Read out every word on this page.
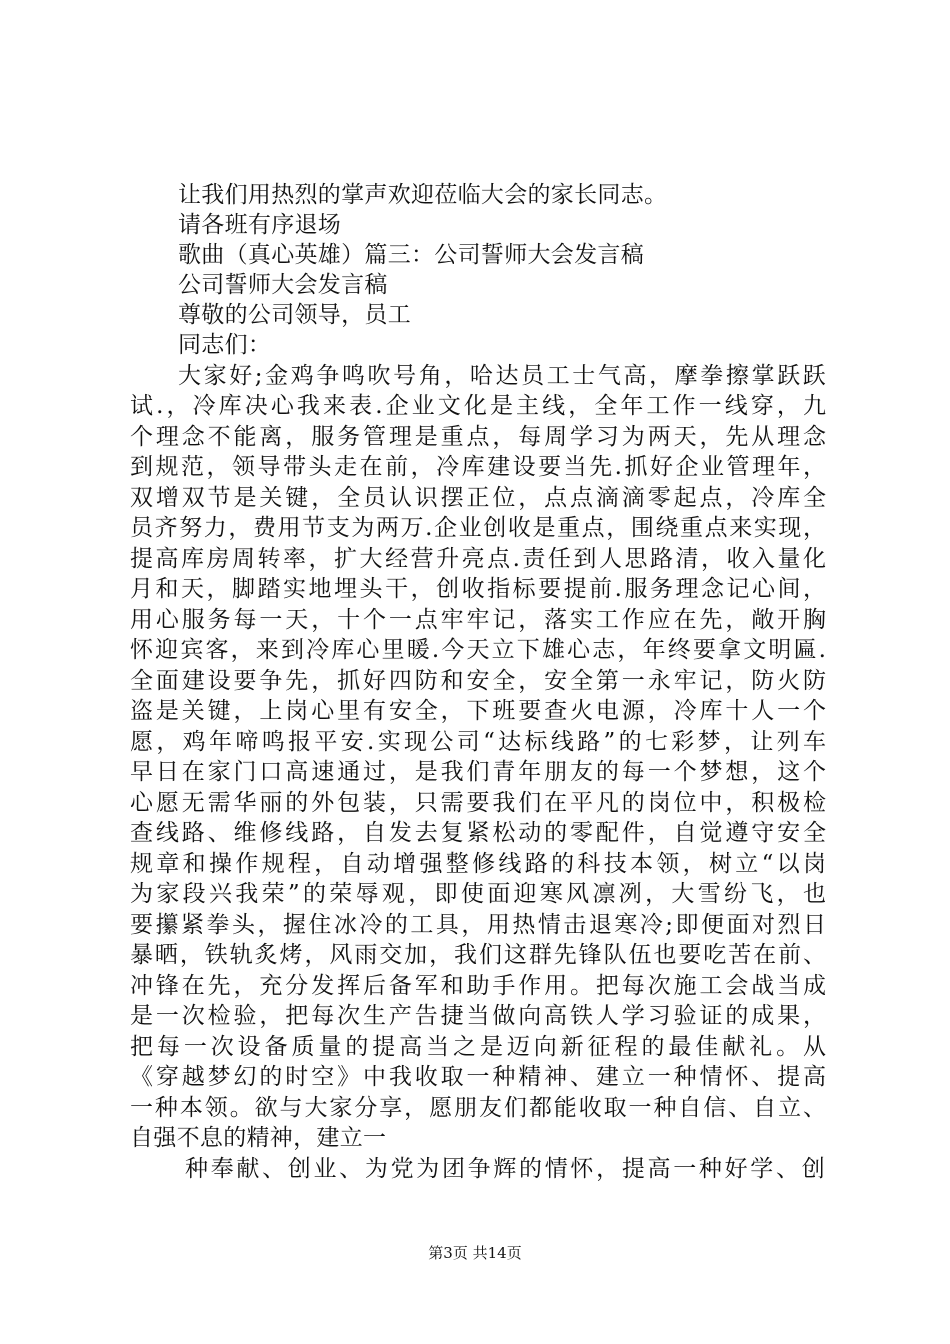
让我们用热烈的掌声欢迎莅临大会的家长同志。
请各班有序退场
歌曲（真心英雄）篇三：公司誓师大会发言稿
公司誓师大会发言稿
尊敬的公司领导，员工
同志们：
大家好;金鸡争鸣吹号角，哈达员工士气高，摩拳擦掌跃跃
试.，冷库决心我来表.企业文化是主线，全年工作一线穿，九
个理念不能离，服务管理是重点，每周学习为两天，先从理念
到规范，领导带头走在前，冷库建设要当先.抓好企业管理年，
双增双节是关键，全员认识摆正位，点点滴滴零起点，冷库全
员齐努力，费用节支为两万.企业创收是重点，围绕重点来实现，
提高库房周转率，扩大经营升亮点.责任到人思路清，收入量化
月和天，脚踏实地埋头干，创收指标要提前.服务理念记心间，
用心服务每一天，十个一点牢牢记，落实工作应在先，敞开胸
怀迎宾客，来到冷库心里暖.今天立下雄心志，年终要拿文明匾.
全面建设要争先，抓好四防和安全，安全第一永牢记，防火防
盗是关键，上岗心里有安全，下班要查火电源，冷库十人一个
愿，鸡年啼鸣报平安.实现公司“达标线路”的七彩梦，让列车
早日在家门口高速通过，是我们青年朋友的每一个梦想，这个
心愿无需华丽的外包装，只需要我们在平凡的岗位中，积极检
查线路、维修线路，自发去复紧松动的零配件，自觉遵守安全
规章和操作规程，自动增强整修线路的科技本领，树立“以岗
为家段兴我荣”的荣辱观，即使面迎寒风凛冽，大雪纷飞，也
要攥紧拳头，握住冰冷的工具，用热情击退寒冷;即便面对烈日
暴晒，铁轨炙烤，风雨交加，我们这群先锋队伍也要吃苦在前、
冲锋在先，充分发挥后备军和助手作用。把每次施工会战当成
是一次检验，把每次生产告捷当做向高铁人学习验证的成果，
把每一次设备质量的提高当之是迈向新征程的最佳献礼。从
《穿越梦幻的时空》中我收取一种精神、建立一种情怀、提高
一种本领。欲与大家分享，愿朋友们都能收取一种自信、自立、
自强不息的精神，建立一
种奉献、创业、为党为团争辉的情怀，提高一种好学、创
第3页 共14页
